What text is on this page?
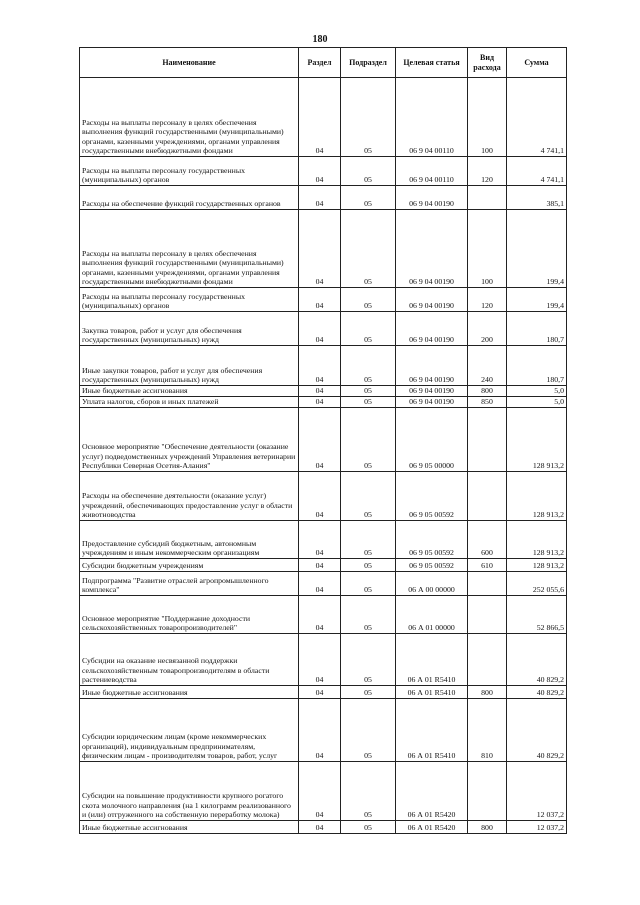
180
Наименование	Раздел	Подраздел	Целевая статья	Вид расхода	Сумма
Расходы на выплаты персоналу в целях обеспечения выполнения функций государственными (муниципальными) органами, казенными учреждениями, органами управления государственными внебюджетными фондами	04	05	06 9 04 00110	100	4 741,1
Расходы на выплаты персоналу государственных (муниципальных) органов	04	05	06 9 04 00110	120	4 741,1
Расходы на обеспечение функций государственных органов	04	05	06 9 04 00190		385,1
Расходы на выплаты персоналу в целях обеспечения выполнения функций государственными (муниципальными) органами, казенными учреждениями, органами управления государственными внебюджетными фондами	04	05	06 9 04 00190	100	199,4
Расходы на выплаты персоналу государственных (муниципальных) органов	04	05	06 9 04 00190	120	199,4
Закупка товаров, работ и услуг для обеспечения государственных (муниципальных) нужд	04	05	06 9 04 00190	200	180,7
Иные закупки товаров, работ и услуг для обеспечения государственных (муниципальных) нужд	04	05	06 9 04 00190	240	180,7
Иные бюджетные ассигнования	04	05	06 9 04 00190	800	5,0
Уплата налогов, сборов и иных платежей	04	05	06 9 04 00190	850	5,0
Основное мероприятие "Обеспечение деятельности (оказание услуг) подведомственных учреждений Управления ветеринарии Республики Северная Осетия-Алания"	04	05	06 9 05 00000		128 913,2
Расходы на обеспечение деятельности (оказание услуг) учреждений, обеспечивающих предоставление услуг в области животноводства	04	05	06 9 05 00592		128 913,2
Предоставление субсидий бюджетным, автономным учреждениям и иным некоммерческим организациям	04	05	06 9 05 00592	600	128 913,2
Субсидии бюджетным учреждениям	04	05	06 9 05 00592	610	128 913,2
Подпрограмма "Развитие отраслей агропромышленного комплекса"	04	05	06 А 00 00000		252 055,6
Основное мероприятие "Поддержание доходности сельскохозяйственных товаропроизводителей"	04	05	06 А 01 00000		52 866,5
Субсидии на оказание несвязанной поддержки сельскохозяйственным товаропроизводителям в области растениеводства	04	05	06 А 01 R5410		40 829,2
Иные бюджетные ассигнования	04	05	06 А 01 R5410	800	40 829,2
Субсидии юридическим лицам (кроме некоммерческих организаций), индивидуальным предпринимателям, физическим лицам - производителям товаров, работ, услуг	04	05	06 А 01 R5410	810	40 829,2
Субсидии на повышение продуктивности крупного рогатого скота молочного направления (на 1 килограмм реализованного и (или) отгруженного на собственную переработку молока)	04	05	06 А 01 R5420		12 037,2
Иные бюджетные ассигнования	04	05	06 А 01 R5420	800	12 037,2
